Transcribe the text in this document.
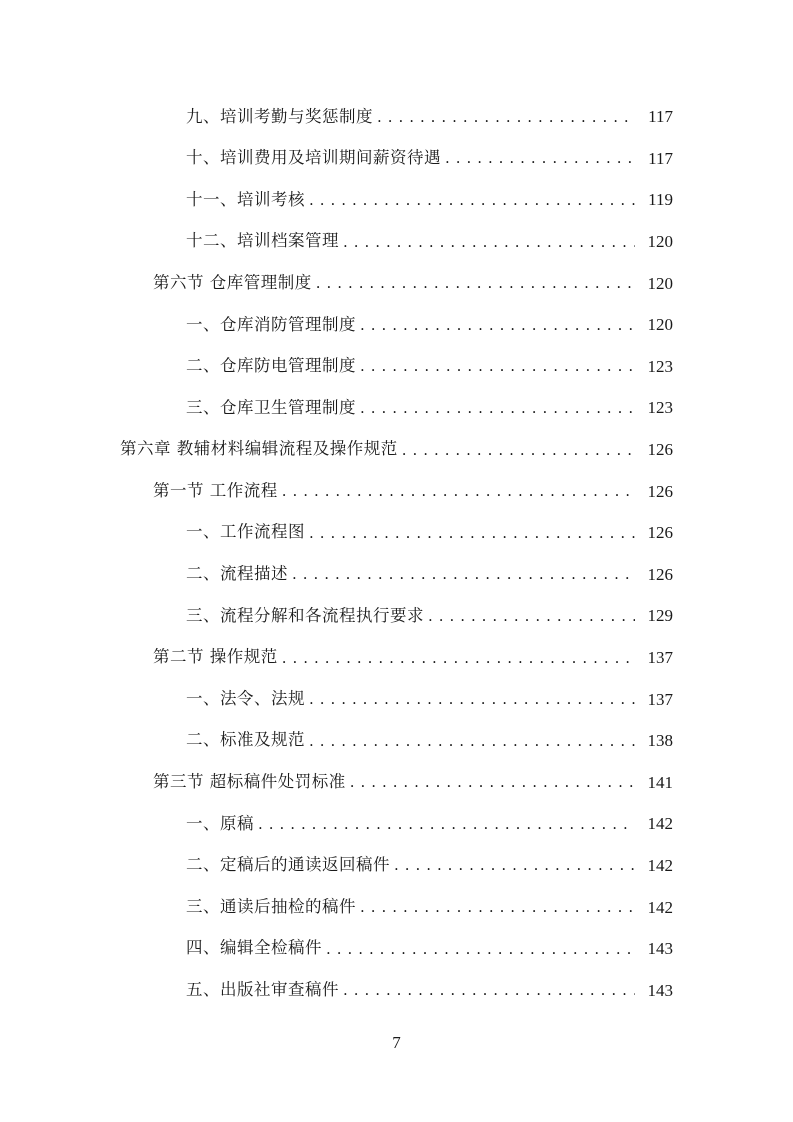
九、培训考勤与奖惩制度 . . .	117
十、培训费用及培训期间薪资待遇 . . .	117
十一、培训考核 . . .	119
十二、培训档案管理 . . .	120
第六节 仓库管理制度 . . .	120
一、仓库消防管理制度 . . .	120
二、仓库防电管理制度 . . .	123
三、仓库卫生管理制度 . . .	123
第六章 教辅材料编辑流程及操作规范 . . .	126
第一节 工作流程 . . .	126
一、工作流程图 . . .	126
二、流程描述 . . .	126
三、流程分解和各流程执行要求 . . .	129
第二节 操作规范 . . .	137
一、法令、法规 . . .	137
二、标准及规范 . . .	138
第三节 超标稿件处罚标准 . . .	141
一、原稿 . . .	142
二、定稿后的通读返回稿件 . . .	142
三、通读后抽检的稿件 . . .	142
四、编辑全检稿件 . . .	143
五、出版社审查稿件 . . .	143
7
